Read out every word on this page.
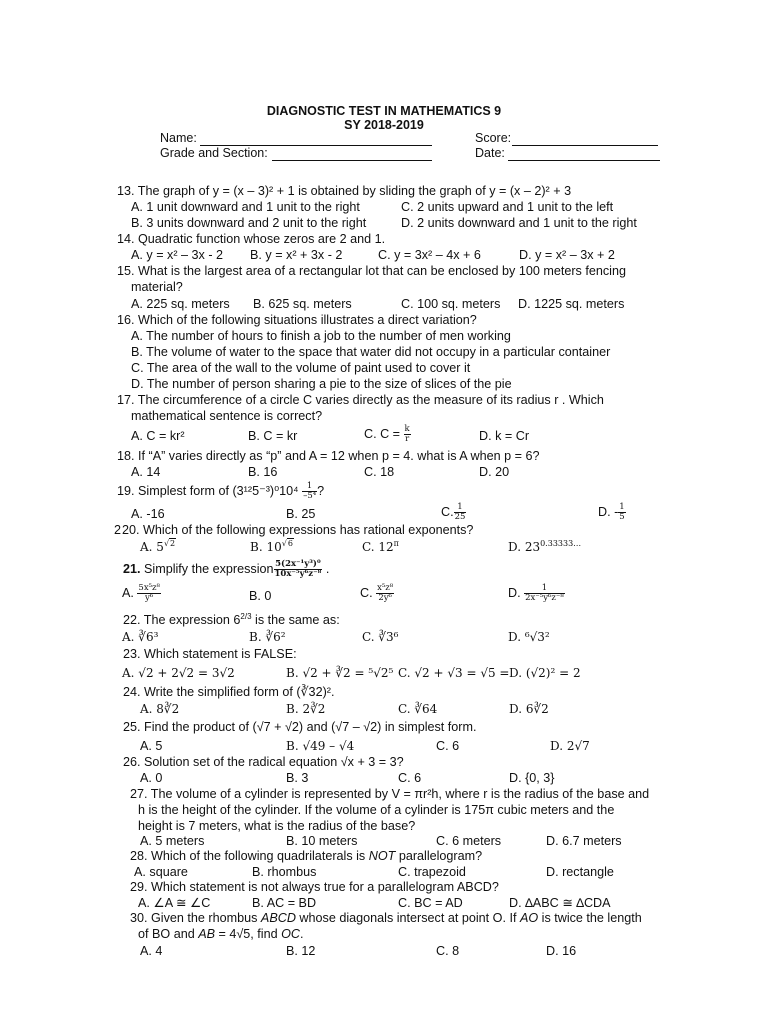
DIAGNOSTIC TEST IN MATHEMATICS 9
SY 2018-2019
Name:	Score:
Grade and Section:	Date:
13. The graph of y = (x – 3)² + 1 is obtained by sliding the graph of y = (x – 2)² + 3
A. 1 unit downward and 1 unit to the right	C. 2 units upward and 1 unit to the left
B. 3 units downward and 2 unit to the right	D. 2 units downward and 1 unit to the right
14. Quadratic function whose zeros are 2 and 1.
A. y = x² – 3x - 2 B. y = x² + 3x - 2	C. y = 3x² – 4x + 6	D. y = x² – 3x + 2
15. What is the largest area of a rectangular lot that can be enclosed by 100 meters fencing
material?
A. 225 sq. meters B. 625 sq. meters	C. 100 sq. meters D. 1225 sq. meters
16. Which of the following situations illustrates a direct variation?
A. The number of hours to finish a job to the number of men working
B. The volume of water to the space that water did not occupy in a particular container
C. The area of the wall to the volume of paint used to cover it
D. The number of person sharing a pie to the size of slices of the pie
17. The circumference of a circle C varies directly as the measure of its radius r . Which
mathematical sentence is correct?
A. C = kr²	B. C = kr	C. $C = \frac{k}{r}$	D. k = Cr
18. If “A” varies directly as “p” and A = 12 when p = 4. what is A when p = 6?
A. 14	B. 16	C. 18	D. 20
19. Simplest form of $(3^{12}5^{-3})^010^4 \frac{1}{\text{–5⁴}}$ ?
A. -16	B. 25	C. $\frac{1}{25}$	D. - $\frac{1}{5}$
2 20. Which of the following expressions has rational exponents?
A. $5^{√2}$	B. $10^{√6}$	C. $12^\pi$	D. $23^{0.33333\dots}$
21. Simplify the expression $\frac{\text{5(2x⁻¹y³)⁰}}{\text{10x⁻⁵y⁶z⁻⁸}}$ .
A. $\frac{\text{5x⁵z⁸}}{\text{y⁶}}$	B. 0	C. $\frac{\text{x⁵z⁸}}{\text{2y⁶}}$	D. $\frac{1}{\text{2x⁻⁵y⁶z⁻⁸}}$
22. The expression $6^{2/3}$ is the same as:
A. ∛6³	B. ∛6²	C. ∛3⁶	D. ⁶√3²
23. Which statement is FALSE:
A. √2 + 2√2 = 3√2	B. √2 + ∛2 = ⁵√2⁵ C. √2 + √3 = √5 = D. (√2)² = 2
24. Write the simplified form of (∛32)².
A. 8∛2	B. 2∛2	C. ∛64	D. 6∛2
25. Find the product of (√7 + √2) and (√7 – √2) in simplest form.
A. 5	B. √49 – √4	C. 6	D. 2√7
26. Solution set of the radical equation √x + 3 = 3?
A. 0	B. 3	C. 6	D. {0, 3}
27. The volume of a cylinder is represented by V = πr²h, where r is the radius of the base and
h is the height of the cylinder. If the volume of a cylinder is 175π cubic meters and the
height is 7 meters, what is the radius of the base?
A. 5 meters	B. 10 meters	C. 6 meters	D. 6.7 meters
28. Which of the following quadrilaterals is NOT parallelogram?
A. square	B. rhombus	C. trapezoid	D. rectangle
29. Which statement is not always true for a parallelogram ABCD?
A. ∠A ≅ ∠C	B. AC = BD	C. BC = AD	D. ∆ABC ≅ ∆CDA
30. Given the rhombus ABCD whose diagonals intersect at point O. If AO is twice the length
of BO and AB = 4√5, find OC.
A. 4	B. 12	C. 8	D. 16
